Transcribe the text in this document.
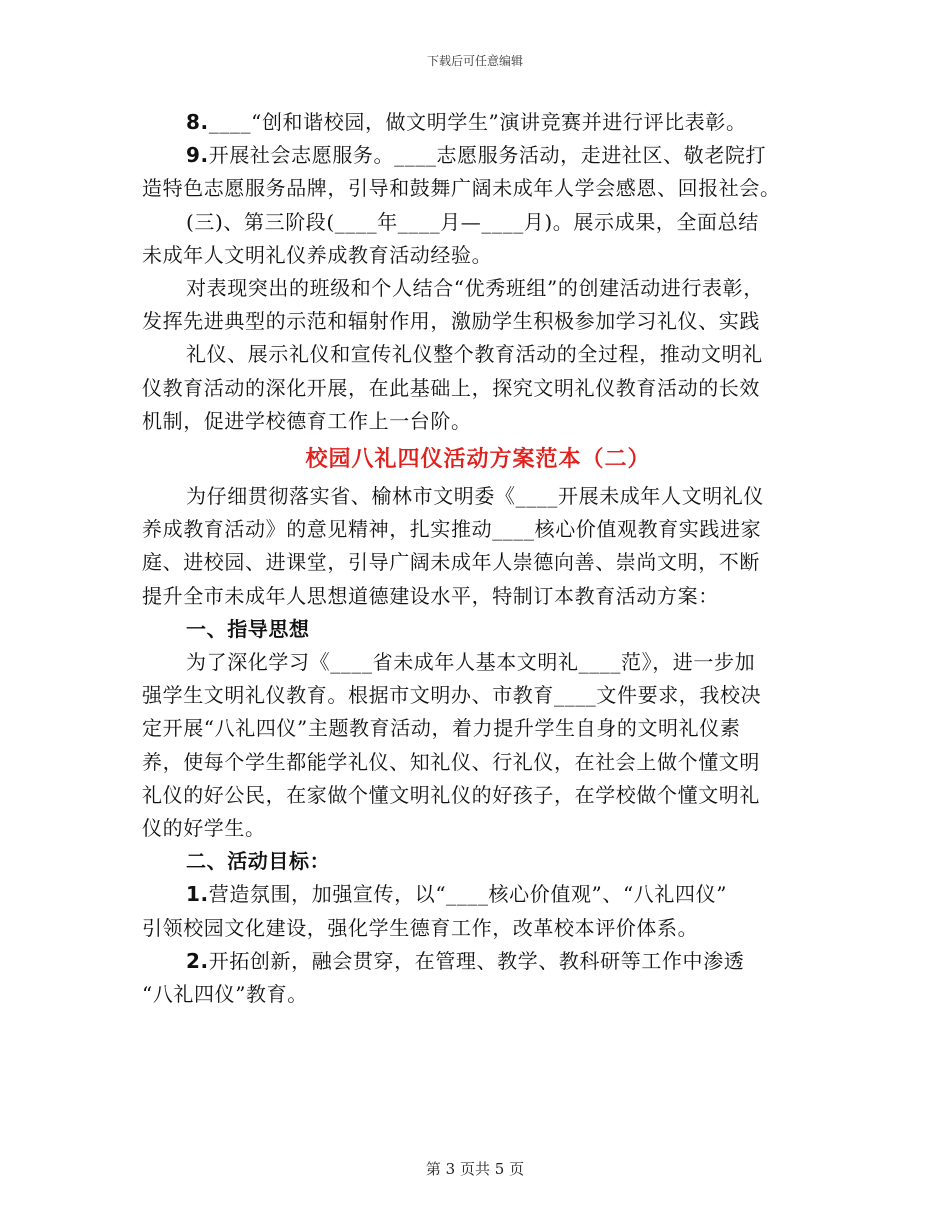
下载后可任意编辑
8.____“创和谐校园，做文明学生”演讲竞赛并进行评比表彰。
9.开展社会志愿服务。____志愿服务活动，走进社区、敬老院打
造特色志愿服务品牌，引导和鼓舞广阔未成年人学会感恩、回报社会。
(三)、第三阶段(____年____月—____月)。展示成果，全面总结
未成年人文明礼仪养成教育活动经验。
对表现突出的班级和个人结合“优秀班组”的创建活动进行表彰，
发挥先进典型的示范和辐射作用，激励学生积极参加学习礼仪、实践
礼仪、展示礼仪和宣传礼仪整个教育活动的全过程，推动文明礼
仪教育活动的深化开展，在此基础上，探究文明礼仪教育活动的长效
机制，促进学校德育工作上一台阶。
校园八礼四仪活动方案范本（二）
为仔细贯彻落实省、榆林市文明委《____开展未成年人文明礼仪
养成教育活动》的意见精神，扎实推动____核心价值观教育实践进家
庭、进校园、进课堂，引导广阔未成年人崇德向善、崇尚文明，不断
提升全市未成年人思想道德建设水平，特制订本教育活动方案：
一、指导思想
为了深化学习《____省未成年人基本文明礼____范》，进一步加
强学生文明礼仪教育。根据市文明办、市教育____文件要求，我校决
定开展“八礼四仪”主题教育活动，着力提升学生自身的文明礼仪素
养，使每个学生都能学礼仪、知礼仪、行礼仪，在社会上做个懂文明
礼仪的好公民，在家做个懂文明礼仪的好孩子，在学校做个懂文明礼
仪的好学生。
二、活动目标：
1.营造氛围，加强宣传，以“____核心价值观”、“八礼四仪”
引领校园文化建设，强化学生德育工作，改革校本评价体系。
2.开拓创新，融会贯穿，在管理、教学、教科研等工作中渗透
“八礼四仪”教育。
第 3 页共 5 页
